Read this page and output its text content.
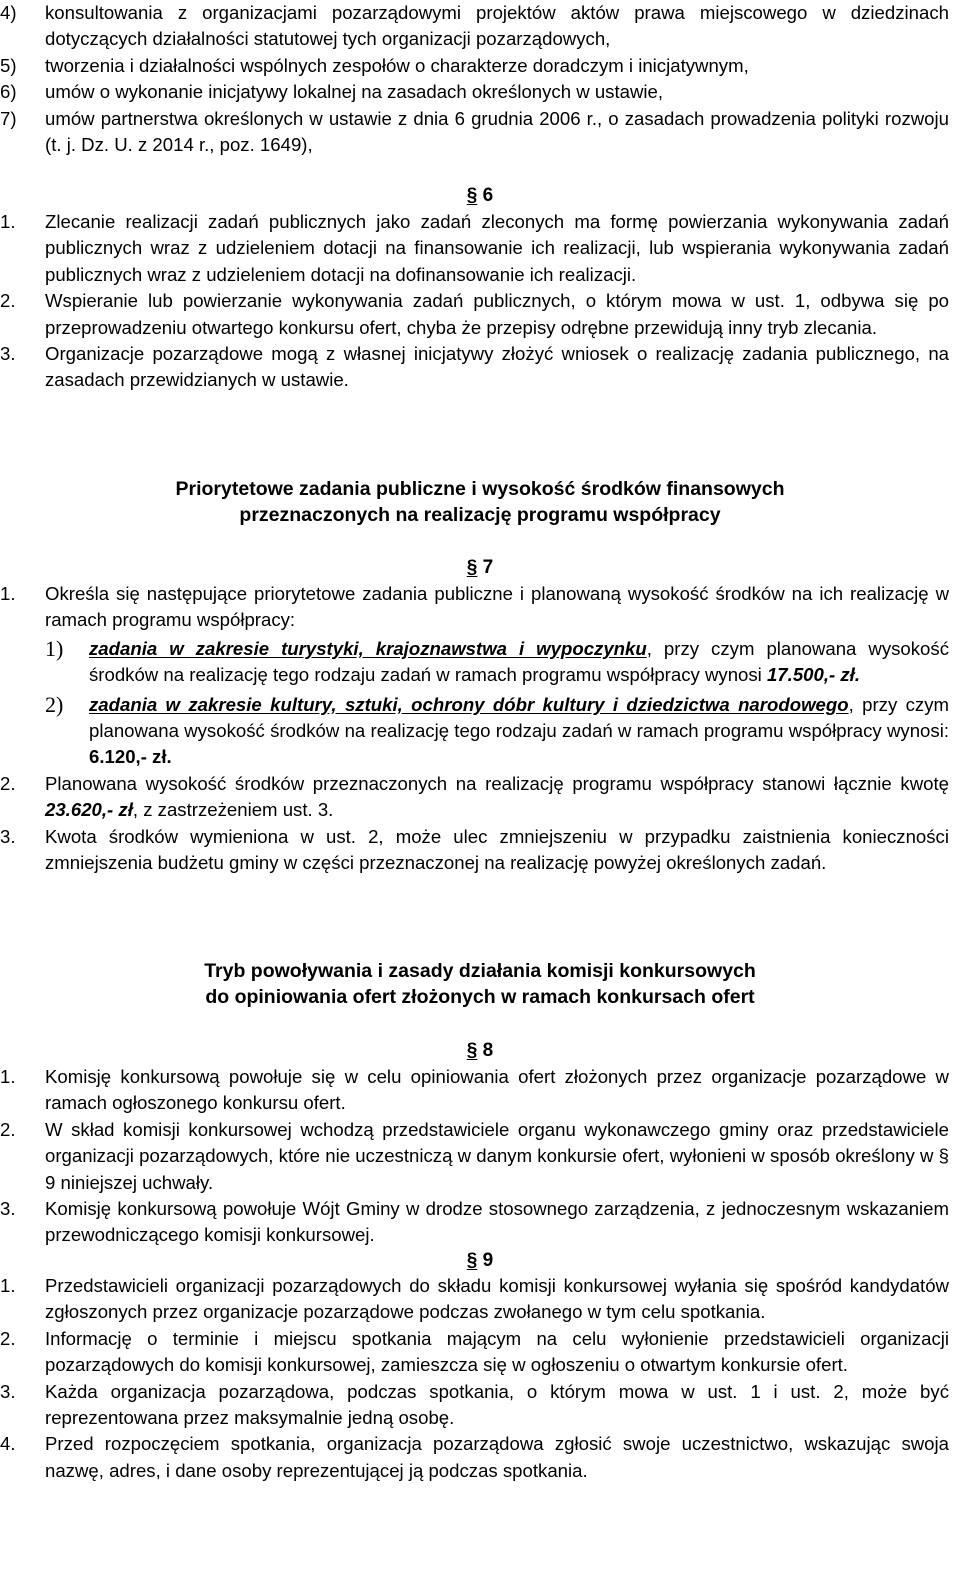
4) konsultowania z organizacjami pozarządowymi projektów aktów prawa miejscowego w dziedzinach dotyczących działalności statutowej tych organizacji pozarządowych,
5) tworzenia i działalności wspólnych zespołów o charakterze doradczym i inicjatywnym,
6) umów o wykonanie inicjatywy lokalnej na zasadach określonych w ustawie,
7) umów partnerstwa określonych w ustawie z dnia 6 grudnia 2006 r., o zasadach prowadzenia polityki rozwoju (t. j. Dz. U. z 2014 r., poz. 1649),
§ 6
1. Zlecanie realizacji zadań publicznych jako zadań zleconych ma formę powierzania wykonywania zadań publicznych wraz z udzieleniem dotacji na finansowanie ich realizacji, lub wspierania wykonywania zadań publicznych wraz z udzieleniem dotacji na dofinansowanie ich realizacji.
2. Wspieranie lub powierzanie wykonywania zadań publicznych, o którym mowa w ust. 1, odbywa się po przeprowadzeniu otwartego konkursu ofert, chyba że przepisy odrębne przewidują inny tryb zlecania.
3. Organizacje pozarządowe mogą z własnej inicjatywy złożyć wniosek o realizację zadania publicznego, na zasadach przewidzianych w ustawie.

Priorytetowe zadania publiczne i wysokość środków finansowych

przeznaczonych na realizację programu współpracy

§ 7
1. Określa się następujące priorytetowe zadania publiczne i planowaną wysokość środków na ich realizację w ramach programu współpracy:
1) zadania w zakresie turystyki, krajoznawstwa i wypoczynku, przy czym planowana wysokość środków na realizację tego rodzaju zadań w ramach programu współpracy wynosi 17.500,- zł.
2) zadania w zakresie kultury, sztuki, ochrony dóbr kultury i dziedzictwa narodowego, przy czym planowana wysokość środków na realizację tego rodzaju zadań w ramach programu współpracy wynosi: 6.120,- zł.
2. Planowana wysokość środków przeznaczonych na realizację programu współpracy stanowi łącznie kwotę 23.620,- zł, z zastrzeżeniem ust. 3.
3. Kwota środków wymieniona w ust. 2, może ulec zmniejszeniu w przypadku zaistnienia konieczności zmniejszenia budżetu gminy w części przeznaczonej na realizację powyżej określonych zadań.

Tryb powoływania i zasady działania komisji konkursowych

do opiniowania ofert złożonych w ramach konkursach ofert

§ 8
1. Komisję konkursową powołuje się w celu opiniowania ofert złożonych przez organizacje pozarządowe w ramach ogłoszonego konkursu ofert.
2. W skład komisji konkursowej wchodzą przedstawiciele organu wykonawczego gminy oraz przedstawiciele organizacji pozarządowych, które nie uczestniczą w danym konkursie ofert, wyłonieni w sposób określony w § 9 niniejszej uchwały.
3. Komisję konkursową powołuje Wójt Gminy w drodze stosownego zarządzenia, z jednoczesnym wskazaniem przewodniczącego komisji konkursowej.
§ 9
1. Przedstawicieli organizacji pozarządowych do składu komisji konkursowej wyłania się spośród kandydatów zgłoszonych przez organizacje pozarządowe podczas zwołanego w tym celu spotkania.
2. Informację o terminie i miejscu spotkania mającym na celu wyłonienie przedstawicieli organizacji pozarządowych do komisji konkursowej, zamieszcza się w ogłoszeniu o otwartym konkursie ofert.
3. Każda organizacja pozarządowa, podczas spotkania, o którym mowa w ust. 1 i ust. 2, może być reprezentowana przez maksymalnie jedną osobę.
4. Przed rozpoczęciem spotkania, organizacja pozarządowa zgłosić swoje uczestnictwo, wskazując swoja nazwę, adres, i dane osoby reprezentującej ją podczas spotkania.
